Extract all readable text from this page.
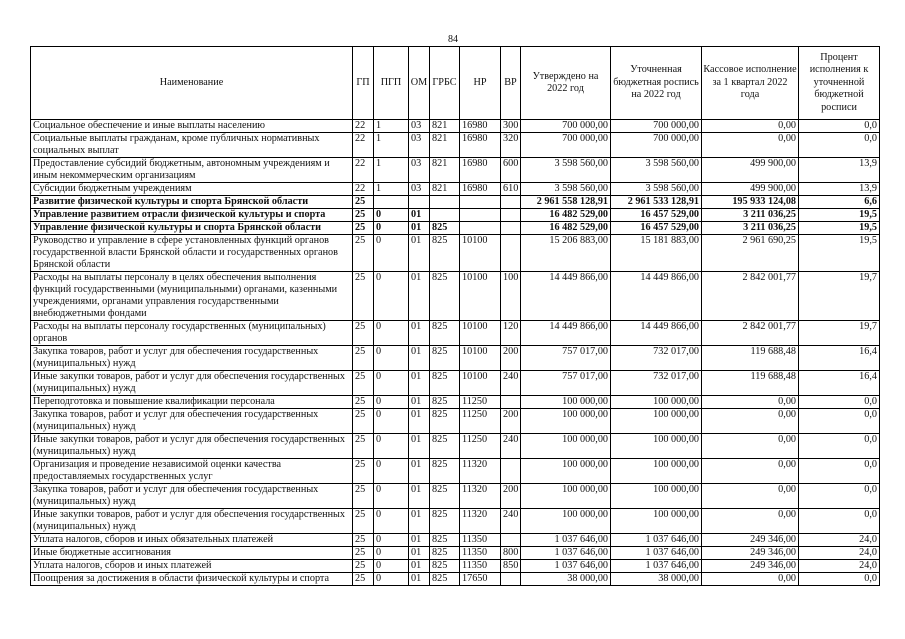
84
Наименование	ГП	ПГП	ОМ	ГРБС	НР	ВР	Утверждено на 2022 год	Уточненная бюджетная роспись на 2022 год	Кассовое исполнение за 1 квартал 2022 года	Процент исполнения к уточненной бюджетной росписи
Социальное обеспечение и иные выплаты населению	22	1	03	821	16980	300	700 000,00	700 000,00	0,00	0,0
Социальные выплаты гражданам, кроме публичных нормативных социальных выплат	22	1	03	821	16980	320	700 000,00	700 000,00	0,00	0,0
Предоставление субсидий бюджетным, автономным учреждениям и иным некоммерческим организациям	22	1	03	821	16980	600	3 598 560,00	3 598 560,00	499 900,00	13,9
Субсидии бюджетным учреждениям	22	1	03	821	16980	610	3 598 560,00	3 598 560,00	499 900,00	13,9
Развитие физической культуры и спорта Брянской области	25						2 961 558 128,91	2 961 533 128,91	195 933 124,08	6,6
Управление развитием отрасли физической культуры и спорта	25	0	01				16 482 529,00	16 457 529,00	3 211 036,25	19,5
Управление физической культуры и спорта Брянской области	25	0	01	825			16 482 529,00	16 457 529,00	3 211 036,25	19,5
Руководство и управление в сфере установленных функций органов государственной власти Брянской области и государственных органов Брянской области	25	0	01	825	10100		15 206 883,00	15 181 883,00	2 961 690,25	19,5
Расходы на выплаты персоналу в целях обеспечения выполнения функций государственными (муниципальными) органами, казенными учреждениями, органами управления государственными внебюджетными фондами	25	0	01	825	10100	100	14 449 866,00	14 449 866,00	2 842 001,77	19,7
Расходы на выплаты персоналу государственных (муниципальных) органов	25	0	01	825	10100	120	14 449 866,00	14 449 866,00	2 842 001,77	19,7
Закупка товаров, работ и услуг для обеспечения государственных (муниципальных) нужд	25	0	01	825	10100	200	757 017,00	732 017,00	119 688,48	16,4
Иные закупки товаров, работ и услуг для обеспечения государственных (муниципальных) нужд	25	0	01	825	10100	240	757 017,00	732 017,00	119 688,48	16,4
Переподготовка и повышение квалификации персонала	25	0	01	825	11250		100 000,00	100 000,00	0,00	0,0
Закупка товаров, работ и услуг для обеспечения государственных (муниципальных) нужд	25	0	01	825	11250	200	100 000,00	100 000,00	0,00	0,0
Иные закупки товаров, работ и услуг для обеспечения государственных (муниципальных) нужд	25	0	01	825	11250	240	100 000,00	100 000,00	0,00	0,0
Организация и проведение независимой оценки качества предоставляемых государственных услуг	25	0	01	825	11320		100 000,00	100 000,00	0,00	0,0
Закупка товаров, работ и услуг для обеспечения государственных (муниципальных) нужд	25	0	01	825	11320	200	100 000,00	100 000,00	0,00	0,0
Иные закупки товаров, работ и услуг для обеспечения государственных (муниципальных) нужд	25	0	01	825	11320	240	100 000,00	100 000,00	0,00	0,0
Уплата налогов, сборов и иных обязательных платежей	25	0	01	825	11350		1 037 646,00	1 037 646,00	249 346,00	24,0
Иные бюджетные ассигнования	25	0	01	825	11350	800	1 037 646,00	1 037 646,00	249 346,00	24,0
Уплата налогов, сборов и иных платежей	25	0	01	825	11350	850	1 037 646,00	1 037 646,00	249 346,00	24,0
Поощрения за достижения в области физической культуры и спорта	25	0	01	825	17650		38 000,00	38 000,00	0,00	0,0
